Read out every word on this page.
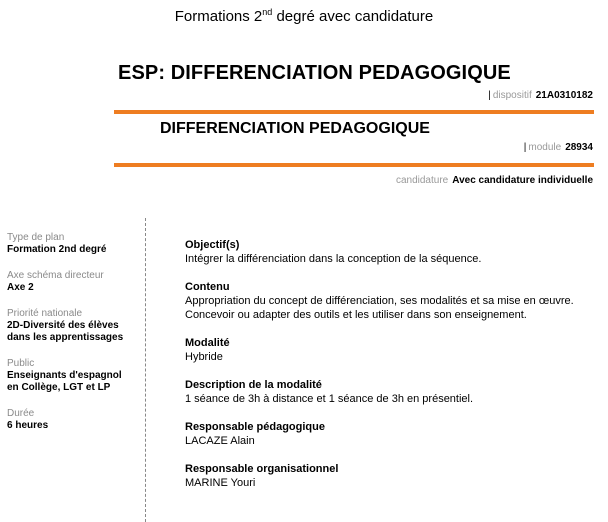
Formations 2nd degré avec candidature
ESP: DIFFERENCIATION PEDAGOGIQUE
| dispositif 21A0310182
DIFFERENCIATION PEDAGOGIQUE
| module 28934
candidature Avec candidature individuelle
Type de plan
Formation 2nd degré
Axe schéma directeur
Axe 2
Priorité nationale
2D-Diversité des élèves dans les apprentissages
Public
Enseignants d'espagnol en Collège, LGT et LP
Durée
6 heures
Objectif(s)
Intégrer la différenciation dans la conception de la séquence.
Contenu
Appropriation du concept de différenciation, ses modalités et sa mise en œuvre.
Concevoir ou adapter des outils et les utiliser dans son enseignement.
Modalité
Hybride
Description de la modalité
1 séance de 3h à distance et 1 séance de 3h en présentiel.
Responsable pédagogique
LACAZE Alain
Responsable organisationnel
MARINE Youri
